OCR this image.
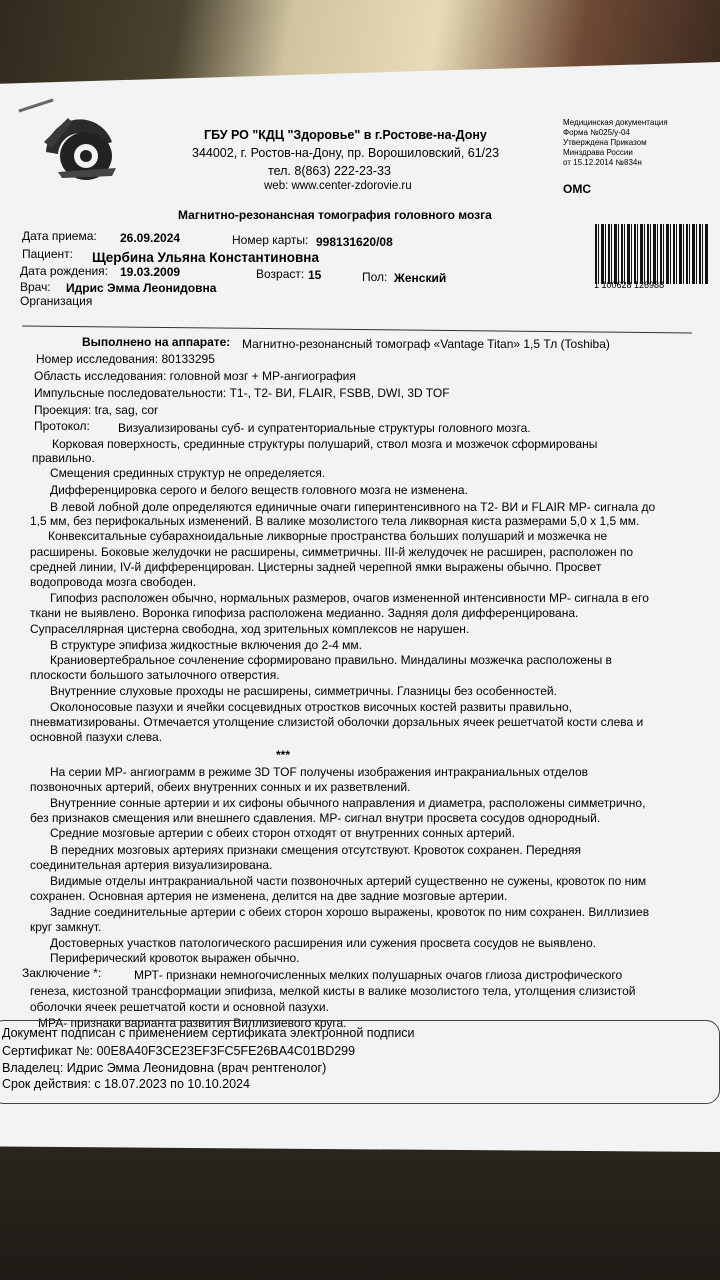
ГБУ РО "КДЦ "Здоровье" в г.Ростове-на-Дону
344002, г. Ростов-на-Дону, пр. Ворошиловский, 61/23
тел. 8(863) 222-23-33
web: www.center-zdorovie.ru
Медицинская документация
Форма №025/у-04
Утверждена Приказом
Минздрава России
от 15.12.2014 №834н
ОМС
Магнитно-резонансная томография головного мозга
1 100628 126988
Дата приема: 26.09.2024	Номер карты: 998131620/08
Пациент: Щербина Ульяна Константиновна
Дата рождения: 19.03.2009	Возраст: 15	Пол: Женский
Врач: Идрис Эмма Леонидовна
Организация
Выполнено на аппарате: Магнитно-резонансный томограф «Vantage Titan» 1,5 Тл (Toshiba)
Номер исследования: 80133295
Область исследования: головной мозг + МР-ангиография
Импульсные последовательности: T1-, T2- ВИ, FLAIR, FSBB, DWI, 3D TOF
Проекция: tra, sag, cor
Протокол: Визуализированы суб- и супратенториальные структуры головного мозга.
Корковая поверхность, срединные структуры полушарий, ствол мозга и мозжечок сформированы
правильно.
Смещения срединных структур не определяется.
Дифференцировка серого и белого веществ головного мозга не изменена.
В левой лобной доле определяются единичные очаги гиперинтенсивного на Т2- ВИ и FLAIR МР- сигнала до
1,5 мм, без перифокальных изменений. В валике мозолистого тела ликворная киста размерами 5,0 х 1,5 мм.
Конвекситальные субарахноидальные ликворные пространства больших полушарий и мозжечка не
расширены. Боковые желудочки не расширены, симметричны. III-й желудочек не расширен, расположен по
средней линии, IV-й дифференцирован. Цистерны задней черепной ямки выражены обычно. Просвет
водопровода мозга свободен.
Гипофиз расположен обычно, нормальных размеров, очагов измененной интенсивности МР- сигнала в его
ткани не выявлено. Воронка гипофиза расположена медианно. Задняя доля дифференцирована.
Супраселлярная цистерна свободна, ход зрительных комплексов не нарушен.
В структуре эпифиза жидкостные включения до 2-4 мм.
Краниовертебральное сочленение сформировано правильно. Миндалины мозжечка расположены в
плоскости большого затылочного отверстия.
Внутренние слуховые проходы не расширены, симметричны. Глазницы без особенностей.
Околоносовые пазухи и ячейки сосцевидных отростков височных костей развиты правильно,
пневматизированы. Отмечается утолщение слизистой оболочки дорзальных ячеек решетчатой кости слева и
основной пазухи слева.
***
На серии МР- ангиограмм в режиме 3D TOF получены изображения интракраниальных отделов
позвоночных артерий, обеих внутренних сонных и их разветвлений.
Внутренние сонные артерии и их сифоны обычного направления и диаметра, расположены симметрично,
без признаков смещения или внешнего сдавления. МР- сигнал внутри просвета сосудов однородный.
Средние мозговые артерии с обеих сторон отходят от внутренних сонных артерий.
В передних мозговых артериях признаки смещения отсутствуют. Кровоток сохранен. Передняя
соединительная артерия визуализирована.
Видимые отделы интракраниальной части позвоночных артерий существенно не сужены, кровоток по ним
сохранен. Основная артерия не изменена, делится на две задние мозговые артерии.
Задние соединительные артерии с обеих сторон хорошо выражены, кровоток по ним сохранен. Виллизиев
круг замкнут.
Достоверных участков патологического расширения или сужения просвета сосудов не выявлено.
Периферический кровоток выражен обычно.
Заключение *:	МРТ- признаки немногочисленных мелких полушарных очагов глиоза дистрофического
генеза, кистозной трансформации эпифиза, мелкой кисты в валике мозолистого тела, утолщения слизистой
оболочки ячеек решетчатой кости и основной пазухи.
МРА- признаки варианта развития Виллизиевого круга.
Документ подписан с применением сертификата электронной подписи
Сертификат №: 00E8A40F3CE23EF3FC5FE26BA4C01BD299
Владелец: Идрис Эмма Леонидовна (врач рентгенолог)
Срок действия: с 18.07.2023 по 10.10.2024
